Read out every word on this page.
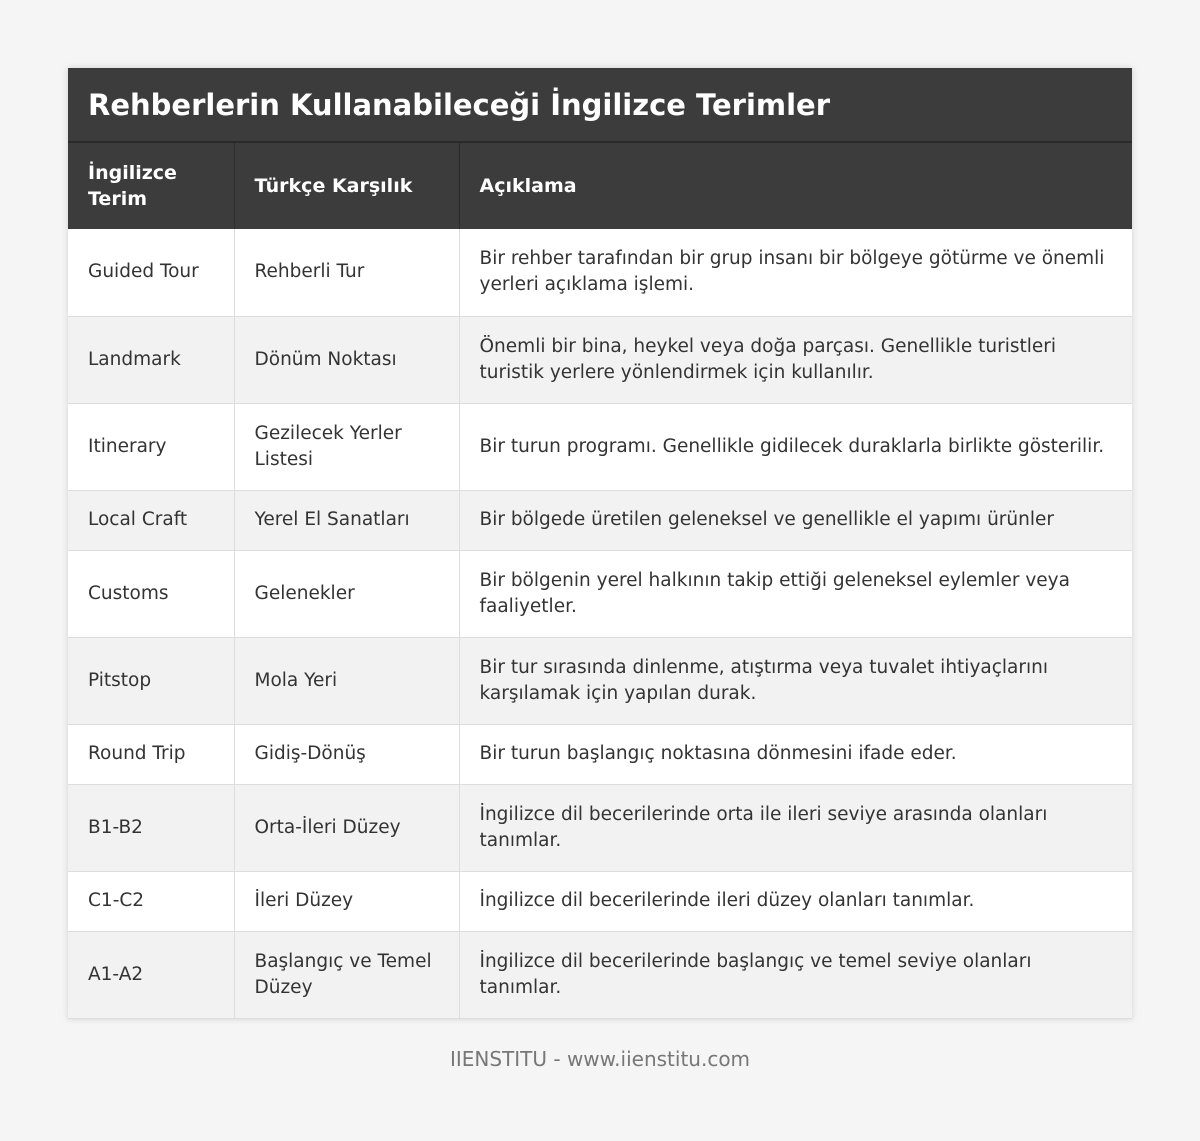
Rehberlerin Kullanabileceği İngilizce Terimler
İngilizce Terim	Türkçe Karşılık	Açıklama
Guided Tour	Rehberli Tur	Bir rehber tarafından bir grup insanı bir bölgeye götürme ve önemli yerleri açıklama işlemi.
Landmark	Dönüm Noktası	Önemli bir bina, heykel veya doğa parçası. Genellikle turistleri turistik yerlere yönlendirmek için kullanılır.
Itinerary	Gezilecek Yerler Listesi	Bir turun programı. Genellikle gidilecek duraklarla birlikte gösterilir.
Local Craft	Yerel El Sanatları	Bir bölgede üretilen geleneksel ve genellikle el yapımı ürünler
Customs	Gelenekler	Bir bölgenin yerel halkının takip ettiği geleneksel eylemler veya faaliyetler.
Pitstop	Mola Yeri	Bir tur sırasında dinlenme, atıştırma veya tuvalet ihtiyaçlarını karşılamak için yapılan durak.
Round Trip	Gidiş-Dönüş	Bir turun başlangıç noktasına dönmesini ifade eder.
B1-B2	Orta-İleri Düzey	İngilizce dil becerilerinde orta ile ileri seviye arasında olanları tanımlar.
C1-C2	İleri Düzey	İngilizce dil becerilerinde ileri düzey olanları tanımlar.
A1-A2	Başlangıç ve Temel Düzey	İngilizce dil becerilerinde başlangıç ve temel seviye olanları tanımlar.
IIENSTITU - www.iienstitu.com
